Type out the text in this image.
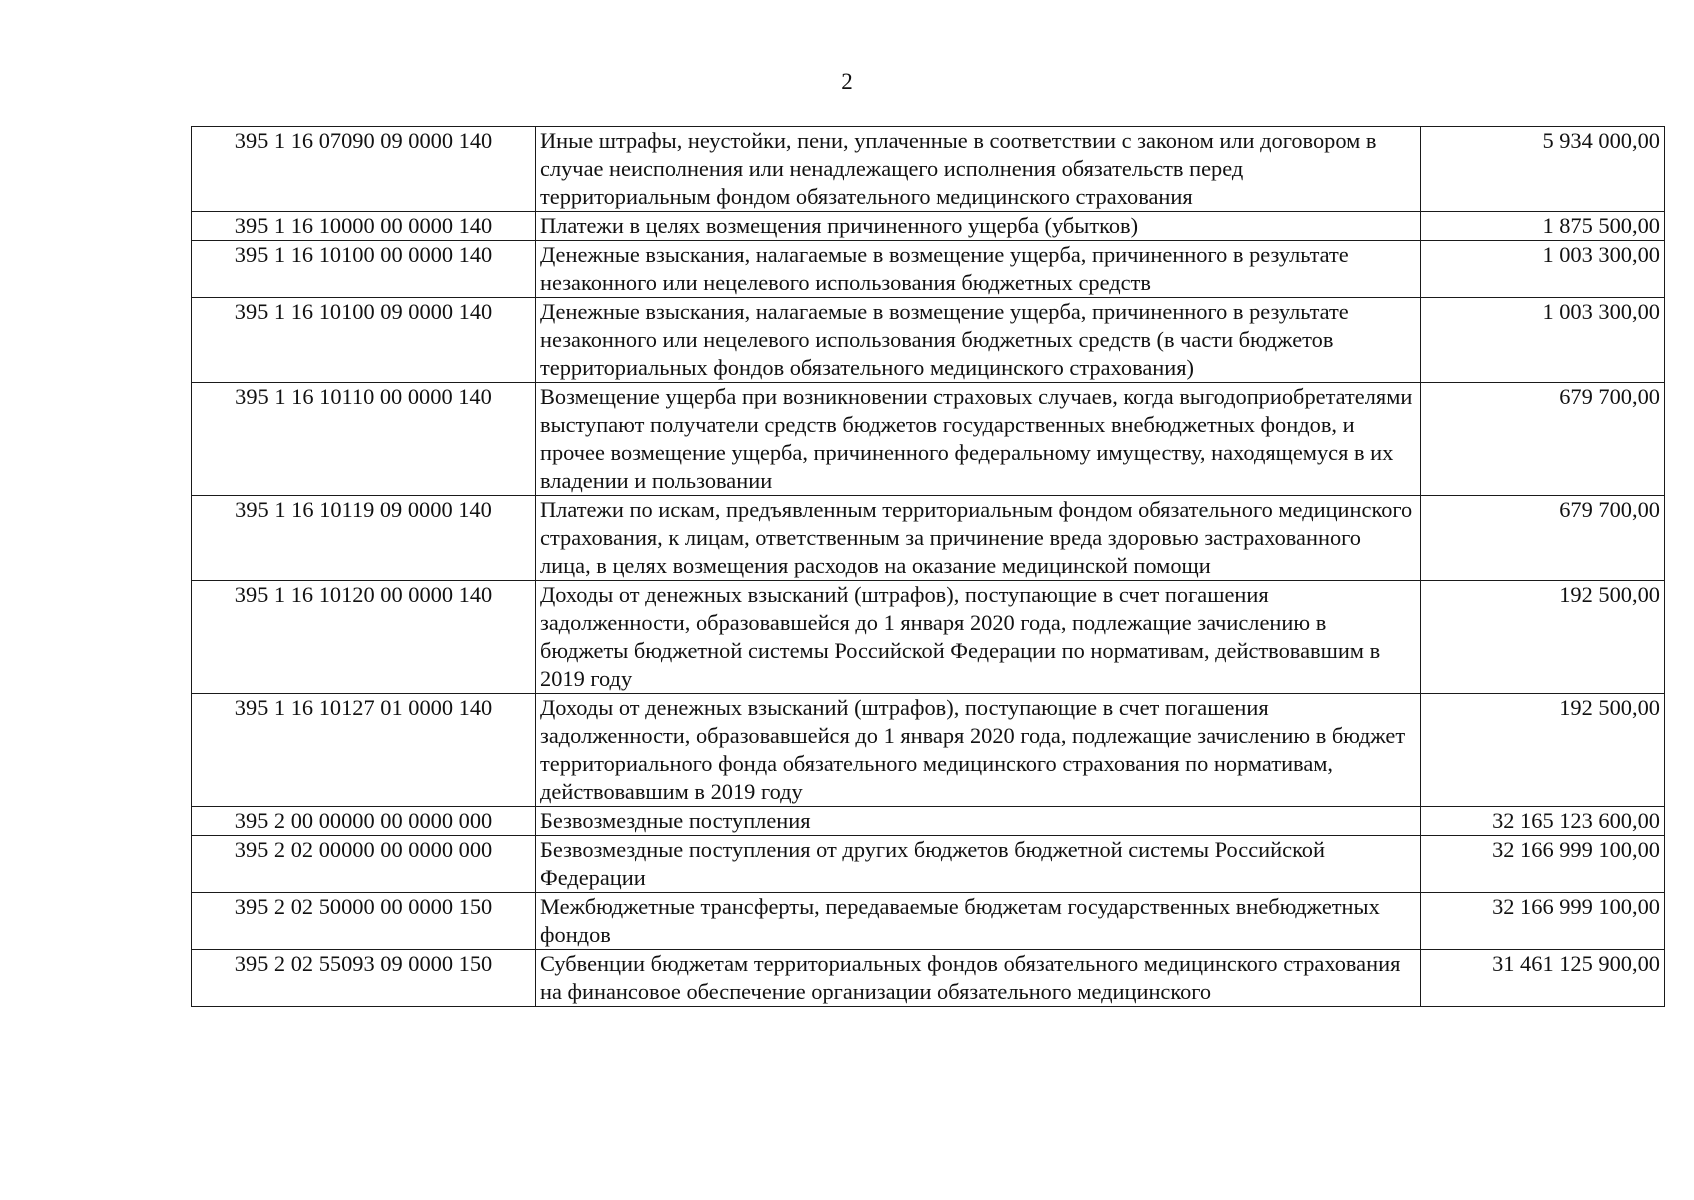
2
395 1 16 07090 09 0000 140	Иные штрафы, неустойки, пени, уплаченные в соответствии с законом или договором в случае неисполнения или ненадлежащего исполнения обязательств перед территориальным фондом обязательного медицинского страхования	5 934 000,00
395 1 16 10000 00 0000 140	Платежи в целях возмещения причиненного ущерба (убытков)	1 875 500,00
395 1 16 10100 00 0000 140	Денежные взыскания, налагаемые в возмещение ущерба, причиненного в результате незаконного или нецелевого использования бюджетных средств	1 003 300,00
395 1 16 10100 09 0000 140	Денежные взыскания, налагаемые в возмещение ущерба, причиненного в результате незаконного или нецелевого использования бюджетных средств (в части бюджетов территориальных фондов обязательного медицинского страхования)	1 003 300,00
395 1 16 10110 00 0000 140	Возмещение ущерба при возникновении страховых случаев, когда выгодоприобретателями выступают получатели средств бюджетов государственных внебюджетных фондов, и прочее возмещение ущерба, причиненного федеральному имуществу, находящемуся в их владении и пользовании	679 700,00
395 1 16 10119 09 0000 140	Платежи по искам, предъявленным территориальным фондом обязательного медицинского страхования, к лицам, ответственным за причинение вреда здоровью застрахованного лица, в целях возмещения расходов на оказание медицинской помощи	679 700,00
395 1 16 10120 00 0000 140	Доходы от денежных взысканий (штрафов), поступающие в счет погашения задолженности, образовавшейся до 1 января 2020 года, подлежащие зачислению в бюджеты бюджетной системы Российской Федерации по нормативам, действовавшим в 2019 году	192 500,00
395 1 16 10127 01 0000 140	Доходы от денежных взысканий (штрафов), поступающие в счет погашения задолженности, образовавшейся до 1 января 2020 года, подлежащие зачислению в бюджет территориального фонда обязательного медицинского страхования по нормативам, действовавшим в 2019 году	192 500,00
395 2 00 00000 00 0000 000	Безвозмездные поступления	32 165 123 600,00
395 2 02 00000 00 0000 000	Безвозмездные поступления от других бюджетов бюджетной системы Российской Федерации	32 166 999 100,00
395 2 02 50000 00 0000 150	Межбюджетные трансферты, передаваемые бюджетам государственных внебюджетных фондов	32 166 999 100,00
395 2 02 55093 09 0000 150	Субвенции бюджетам территориальных фондов обязательного медицинского страхования на финансовое обеспечение организации обязательного медицинского	31 461 125 900,00
